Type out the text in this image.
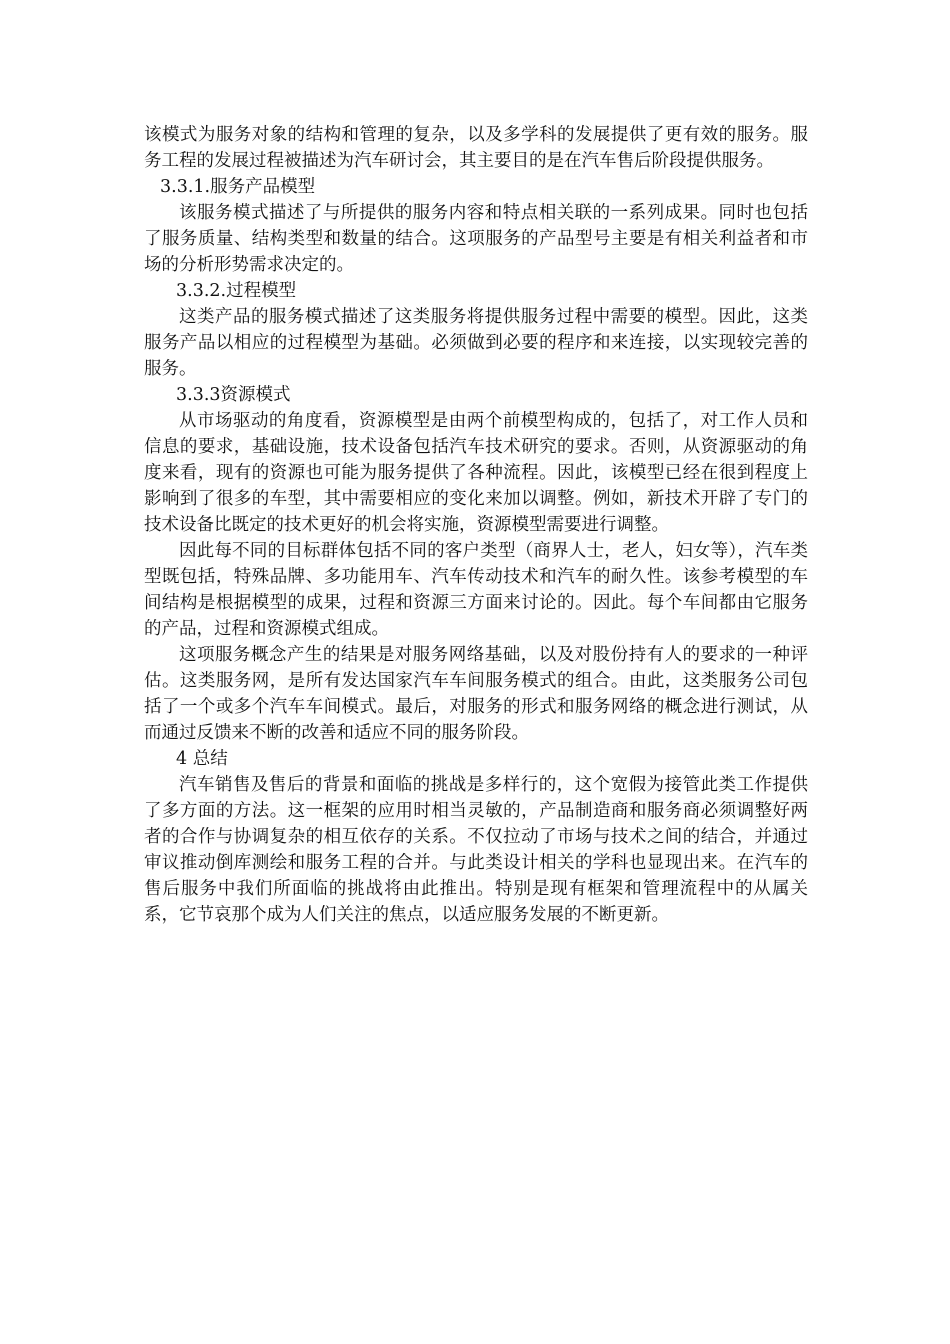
该模式为服务对象的结构和管理的复杂，以及多学科的发展提供了更有效的服务。服务工程的发展过程被描述为汽车研讨会，其主要目的是在汽车售后阶段提供服务。

3.3.1.服务产品模型

该服务模式描述了与所提供的服务内容和特点相关联的一系列成果。同时也包括了服务质量、结构类型和数量的结合。这项服务的产品型号主要是有相关利益者和市场的分析形势需求决定的。

3.3.2.过程模型

这类产品的服务模式描述了这类服务将提供服务过程中需要的模型。因此，这类服务产品以相应的过程模型为基础。必须做到必要的程序和来连接，以实现较完善的服务。

3.3.3资源模式

从市场驱动的角度看，资源模型是由两个前模型构成的，包括了，对工作人员和信息的要求，基础设施，技术设备包括汽车技术研究的要求。否则，从资源驱动的角度来看，现有的资源也可能为服务提供了各种流程。因此，该模型已经在很到程度上影响到了很多的车型，其中需要相应的变化来加以调整。例如，新技术开辟了专门的技术设备比既定的技术更好的机会将实施，资源模型需要进行调整。

因此每不同的目标群体包括不同的客户类型（商界人士，老人，妇女等），汽车类型既包括，特殊品牌、多功能用车、汽车传动技术和汽车的耐久性。该参考模型的车间结构是根据模型的成果，过程和资源三方面来讨论的。因此。每个车间都由它服务的产品，过程和资源模式组成。

这项服务概念产生的结果是对服务网络基础，以及对股份持有人的要求的一种评估。这类服务网，是所有发达国家汽车车间服务模式的组合。由此，这类服务公司包括了一个或多个汽车车间模式。最后，对服务的形式和服务网络的概念进行测试，从而通过反馈来不断的改善和适应不同的服务阶段。

4 总结

汽车销售及售后的背景和面临的挑战是多样行的，这个宽假为接管此类工作提供了多方面的方法。这一框架的应用时相当灵敏的，产品制造商和服务商必须调整好两者的合作与协调复杂的相互依存的关系。不仅拉动了市场与技术之间的结合，并通过审议推动倒库测绘和服务工程的合并。与此类设计相关的学科也显现出来。在汽车的售后服务中我们所面临的挑战将由此推出。特别是现有框架和管理流程中的从属关系，它节哀那个成为人们关注的焦点，以适应服务发展的不断更新。
